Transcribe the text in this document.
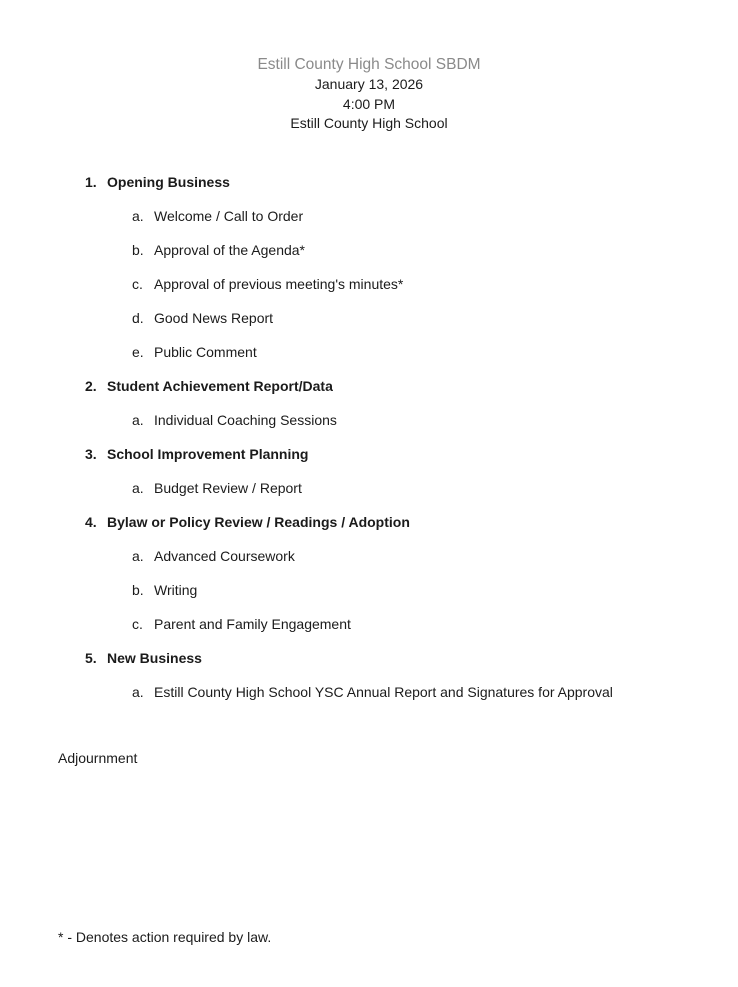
Estill County High School SBDM
January 13, 2026
4:00 PM
Estill County High School
1. Opening Business
a. Welcome / Call to Order
b. Approval of the Agenda*
c. Approval of previous meeting's minutes*
d. Good News Report
e. Public Comment
2. Student Achievement Report/Data
a. Individual Coaching Sessions
3. School Improvement Planning
a. Budget Review / Report
4. Bylaw or Policy Review / Readings / Adoption
a. Advanced Coursework
b. Writing
c. Parent and Family Engagement
5. New Business
a. Estill County High School YSC Annual Report and Signatures for Approval
Adjournment
* - Denotes action required by law.
